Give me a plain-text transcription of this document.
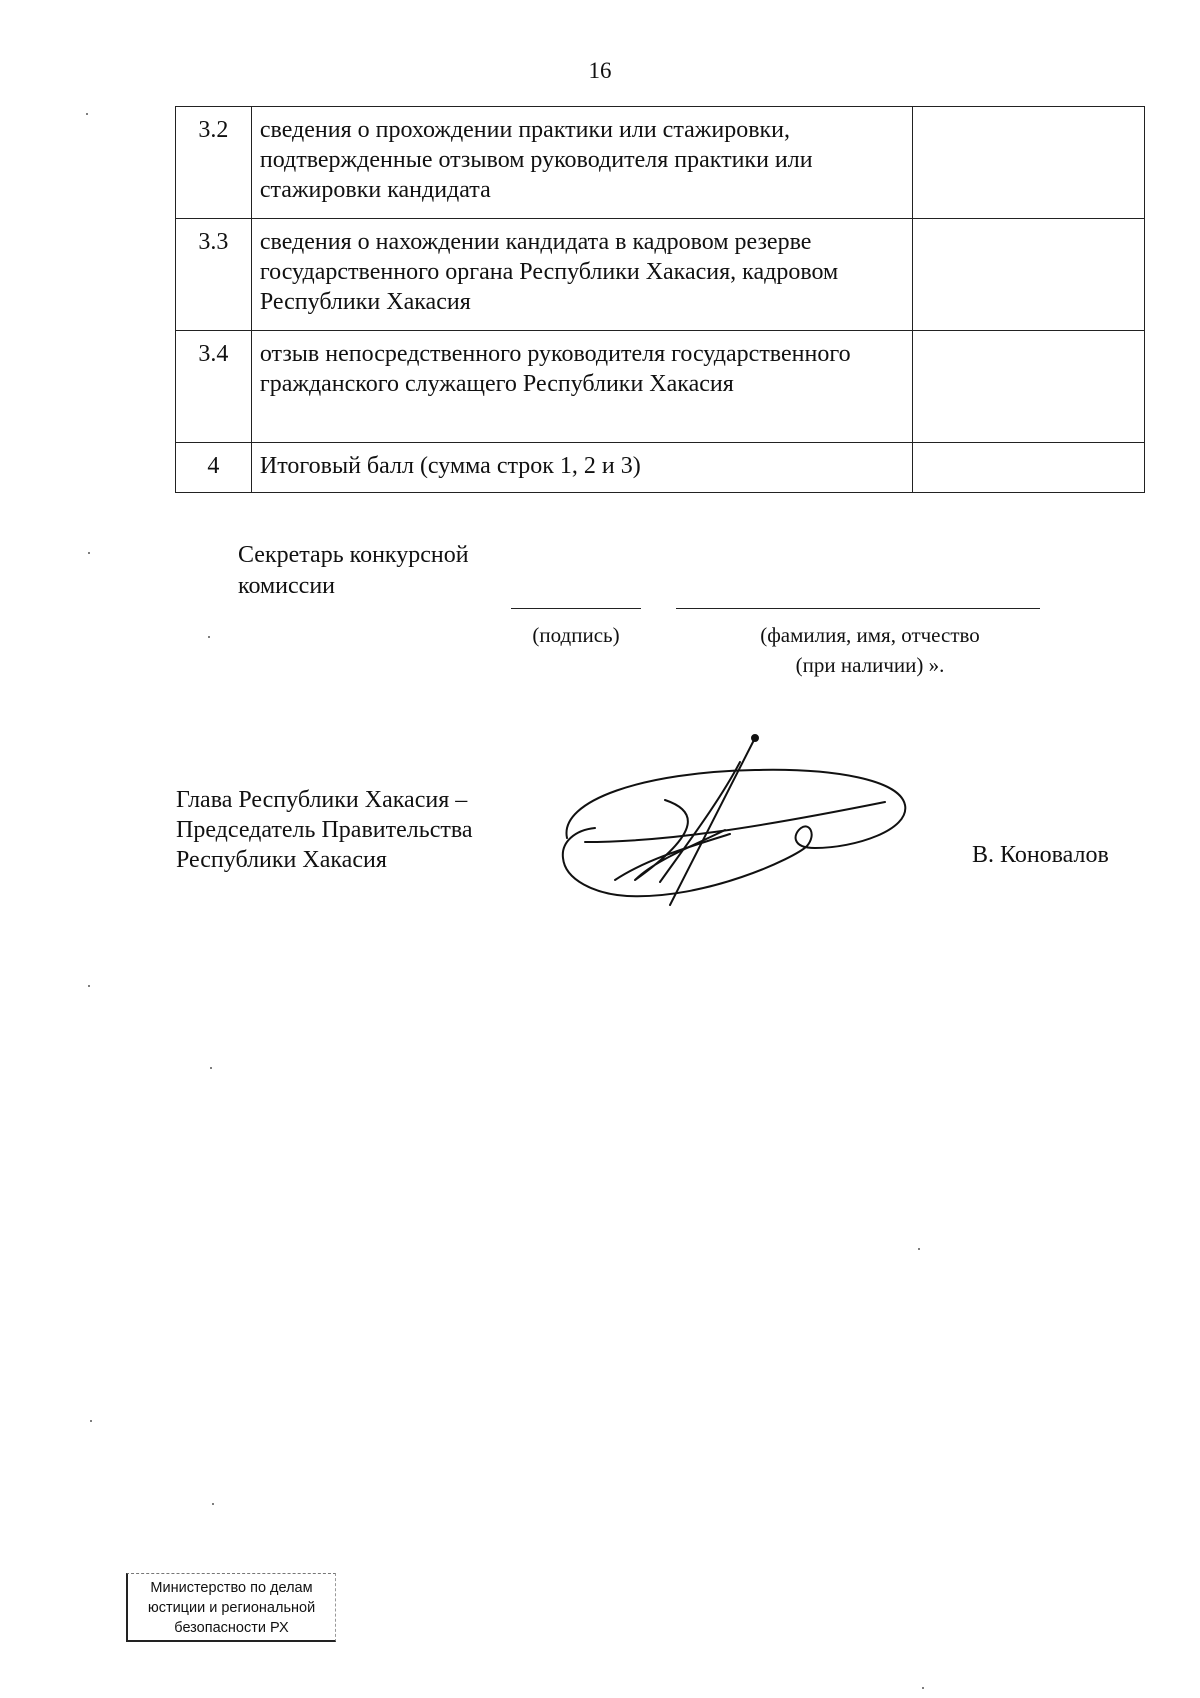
16
3.2	сведения о прохождении практики или стажировки, подтвержденные отзывом руководителя практики или стажировки кандидата	
3.3	сведения о нахождении кандидата в кадровом резерве государственного органа Республики Хакасия, кадровом Республики Хакасия	
3.4	отзыв непосредственного руководителя государственного гражданского служащего Республики Хакасия	
4	Итоговый балл (сумма строк 1, 2 и 3)	
Секретарь конкурсной
комиссии
(подпись)	(фамилия, имя, отчество
(при наличии) ».
Глава Республики Хакасия –
Председатель Правительства
Республики Хакасия	В. Коновалов
Министерство по делам
юстиции и региональной
безопасности РХ
